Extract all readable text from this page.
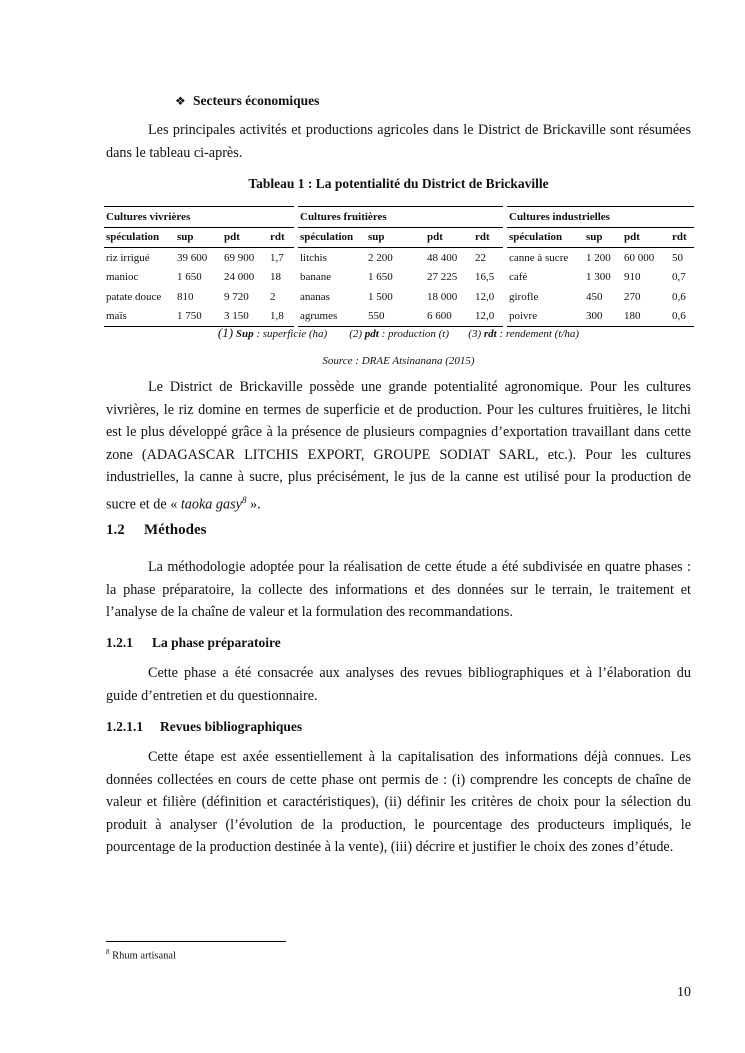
❖ Secteurs économiques

Les principales activités et productions agricoles dans le District de Brickaville sont résumées dans le tableau ci-après.

Tableau 1 : La potentialité du District de Brickaville
Cultures vivrières					Cultures fruitières					Cultures industrielles			
spéculation	sup	pdt	rdt		spéculation	sup	pdt	rdt		spéculation	sup	pdt	rdt
riz irrigué	39 600	69 900	1,7		litchis	2 200	48 400	22		canne à sucre	1 200	60 000	50
manioc	1 650	24 000	18		banane	1 650	27 225	16,5		café	1 300	910	0,7
patate douce	810	9 720	2		ananas	1 500	18 000	12,0		girofle	450	270	0,6
maïs	1 750	3 150	1,8		agrumes	550	6 600	12,0		poivre	300	180	0,6
(1) Sup : superficie (ha) (2) pdt : production (t) (3) rdt : rendement (t/ha)
Source : DRAE Atsinanana (2015)

Le District de Brickaville possède une grande potentialité agronomique. Pour les cultures vivrières, le riz domine en termes de superficie et de production. Pour les cultures fruitières, le litchi est le plus développé grâce à la présence de plusieurs compagnies d’exportation travaillant dans cette zone (ADAGASCAR LITCHIS EXPORT, GROUPE SODIAT SARL, etc.). Pour les cultures industrielles, la canne à sucre, plus précisément, le jus de la canne est utilisé pour la production de sucre et de « taoka gasy$^8$ ».

1.2 Méthodes

La méthodologie adoptée pour la réalisation de cette étude a été subdivisée en quatre phases : la phase préparatoire, la collecte des informations et des données sur le terrain, le traitement et l’analyse de la chaîne de valeur et la formulation des recommandations.

1.2.1 La phase préparatoire

Cette phase a été consacrée aux analyses des revues bibliographiques et à l’élaboration du guide d’entretien et du questionnaire.

1.2.1.1 Revues bibliographiques

Cette étape est axée essentiellement à la capitalisation des informations déjà connues. Les données collectées en cours de cette phase ont permis de : (i) comprendre les concepts de chaîne de valeur et filière (définition et caractéristiques), (ii) définir les critères de choix pour la sélection du produit à analyser (l’évolution de la production, le pourcentage des producteurs impliqués, le pourcentage de la production destinée à la vente), (iii) décrire et justifier le choix des zones d’étude.

$^8$ Rhum artisanal
10
